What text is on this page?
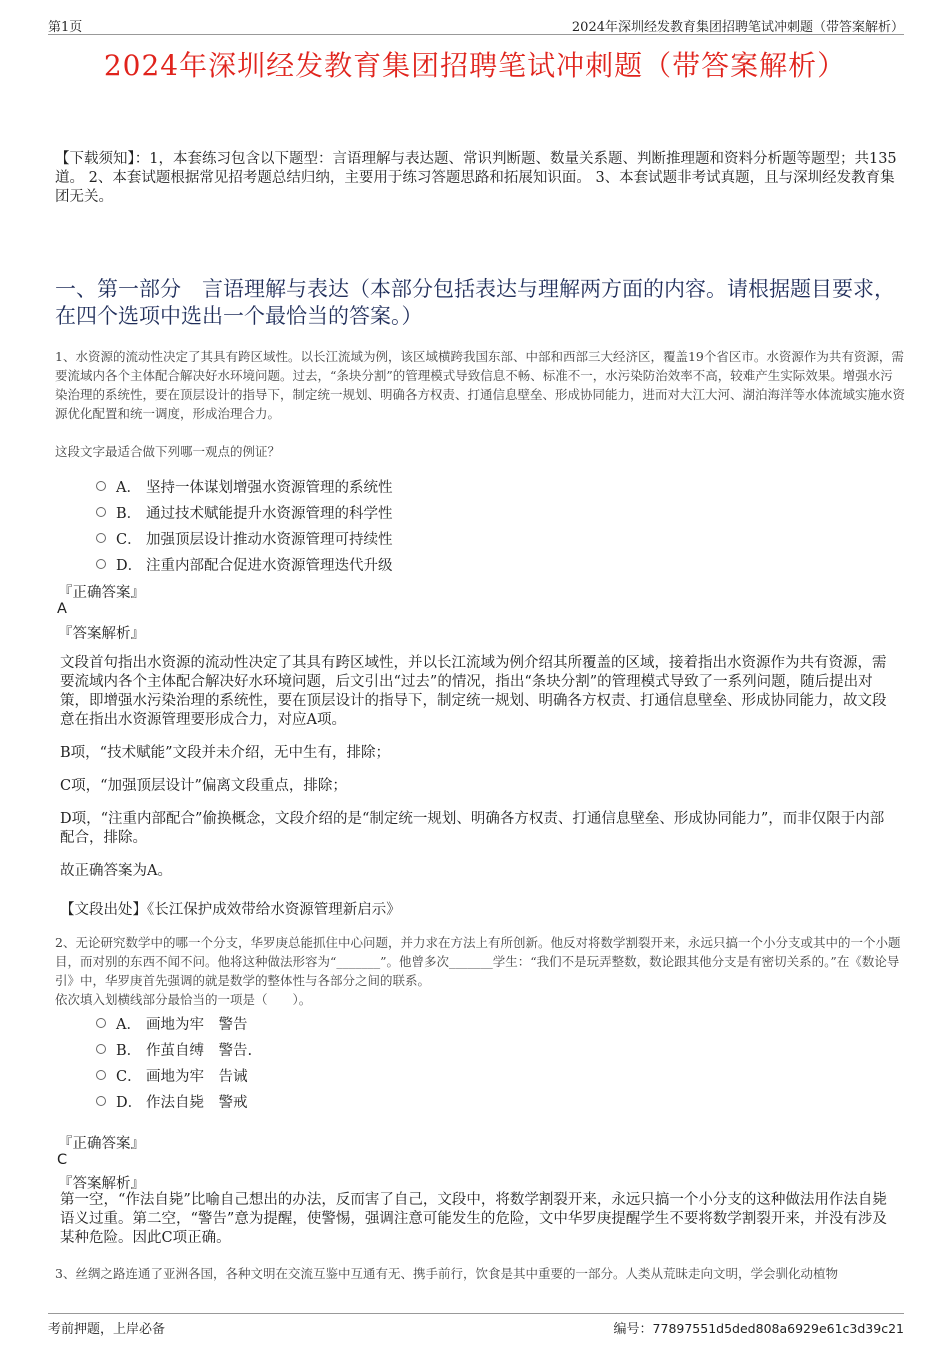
第1页	2024年深圳经发教育集团招聘笔试冲刺题（带答案解析）
2024年深圳经发教育集团招聘笔试冲刺题（带答案解析）
【下载须知】：1，本套练习包含以下题型：言语理解与表达题、常识判断题、数量关系题、判断推理题和资料分析题等题型；共135道。 2、本套试题根据常见招考题总结归纳，主要用于练习答题思路和拓展知识面。 3、本套试题非考试真题，且与深圳经发教育集团无关。
一、第一部分　言语理解与表达（本部分包括表达与理解两方面的内容。请根据题目要求，在四个选项中选出一个最恰当的答案。）
1、水资源的流动性决定了其具有跨区域性。以长江流域为例，该区域横跨我国东部、中部和西部三大经济区，覆盖19个省区市。水资源作为共有资源，需要流域内各个主体配合解决好水环境问题。过去，“条块分割”的管理模式导致信息不畅、标准不一，水污染防治效率不高，较难产生实际效果。增强水污染治理的系统性，要在顶层设计的指导下，制定统一规划、明确各方权责、打通信息壁垒、形成协同能力，进而对大江大河、湖泊海洋等水体流域实施水资源优化配置和统一调度，形成治理合力。
这段文字最适合做下列哪一观点的例证？
A． 坚持一体谋划增强水资源管理的系统性
B． 通过技术赋能提升水资源管理的科学性
C． 加强顶层设计推动水资源管理可持续性
D． 注重内部配合促进水资源管理迭代升级
『正确答案』
A
『答案解析』

文段首句指出水资源的流动性决定了其具有跨区域性，并以长江流域为例介绍其所覆盖的区域，接着指出水资源作为共有资源，需要流域内各个主体配合解决好水环境问题，后文引出“过去”的情况，指出“条块分割”的管理模式导致了一系列问题，随后提出对策，即增强水污染治理的系统性，要在顶层设计的指导下，制定统一规划、明确各方权责、打通信息壁垒、形成协同能力，故文段意在指出水资源管理要形成合力，对应A项。

B项，“技术赋能”文段并未介绍，无中生有，排除；

C项，“加强顶层设计”偏离文段重点，排除；

D项，“注重内部配合”偷换概念，文段介绍的是“制定统一规划、明确各方权责、打通信息壁垒、形成协同能力”，而非仅限于内部配合，排除。

故正确答案为A。

【文段出处】《长江保护成效带给水资源管理新启示》
2、无论研究数学中的哪一个分支，华罗庚总能抓住中心问题，并力求在方法上有所创新。他反对将数学割裂开来，永远只搞一个小分支或其中的一个小题目，而对别的东西不闻不问。他将这种做法形容为“_______”。他曾多次_______学生：“我们不是玩弄整数，数论跟其他分支是有密切关系的。”在《数论导引》中，华罗庚首先强调的就是数学的整体性与各部分之间的联系。
依次填入划横线部分最恰当的一项是（　　）。
A． 画地为牢　警告
B． 作茧自缚　警告.
C． 画地为牢　告诫
D． 作法自毙　警戒
『正确答案』
C
『答案解析』
第一空，“作法自毙”比喻自己想出的办法，反而害了自己，文段中，将数学割裂开来，永远只搞一个小分支的这种做法用作法自毙语义过重。第二空，“警告”意为提醒，使警惕，强调注意可能发生的危险，文中华罗庚提醒学生不要将数学割裂开来，并没有涉及某种危险。因此C项正确。
3、丝绸之路连通了亚洲各国，各种文明在交流互鉴中互通有无、携手前行，饮食是其中重要的一部分。人类从荒昧走向文明，学会驯化动植物
考前押题，上岸必备	编号：77897551d5ded808a6929e61c3d39c21
